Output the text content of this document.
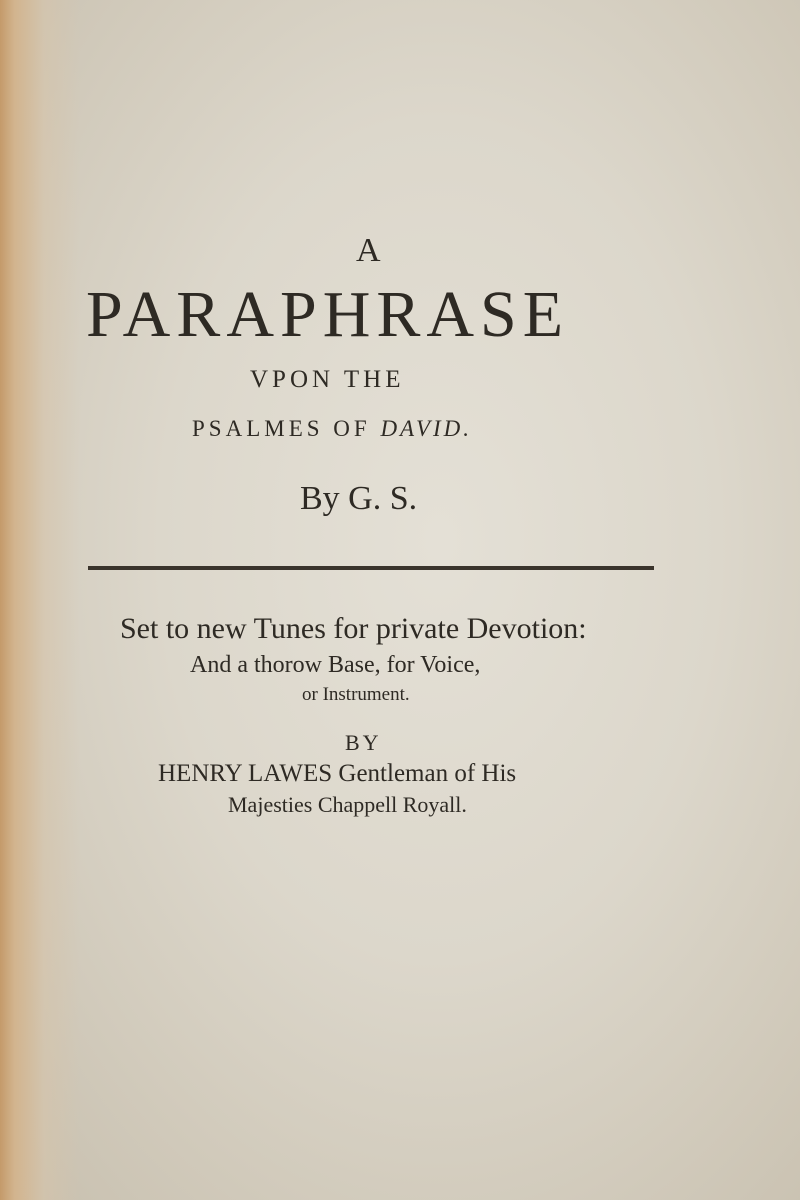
A
PARAPHRASE
VPON THE
PSALMES OF DAVID.
By G. S.
Set to new Tunes for private Devotion:
And a thorow Base, for Voice,
or Instrument.
BY
HENRY LAWES Gentleman of His
Majesties Chappell Royall.
